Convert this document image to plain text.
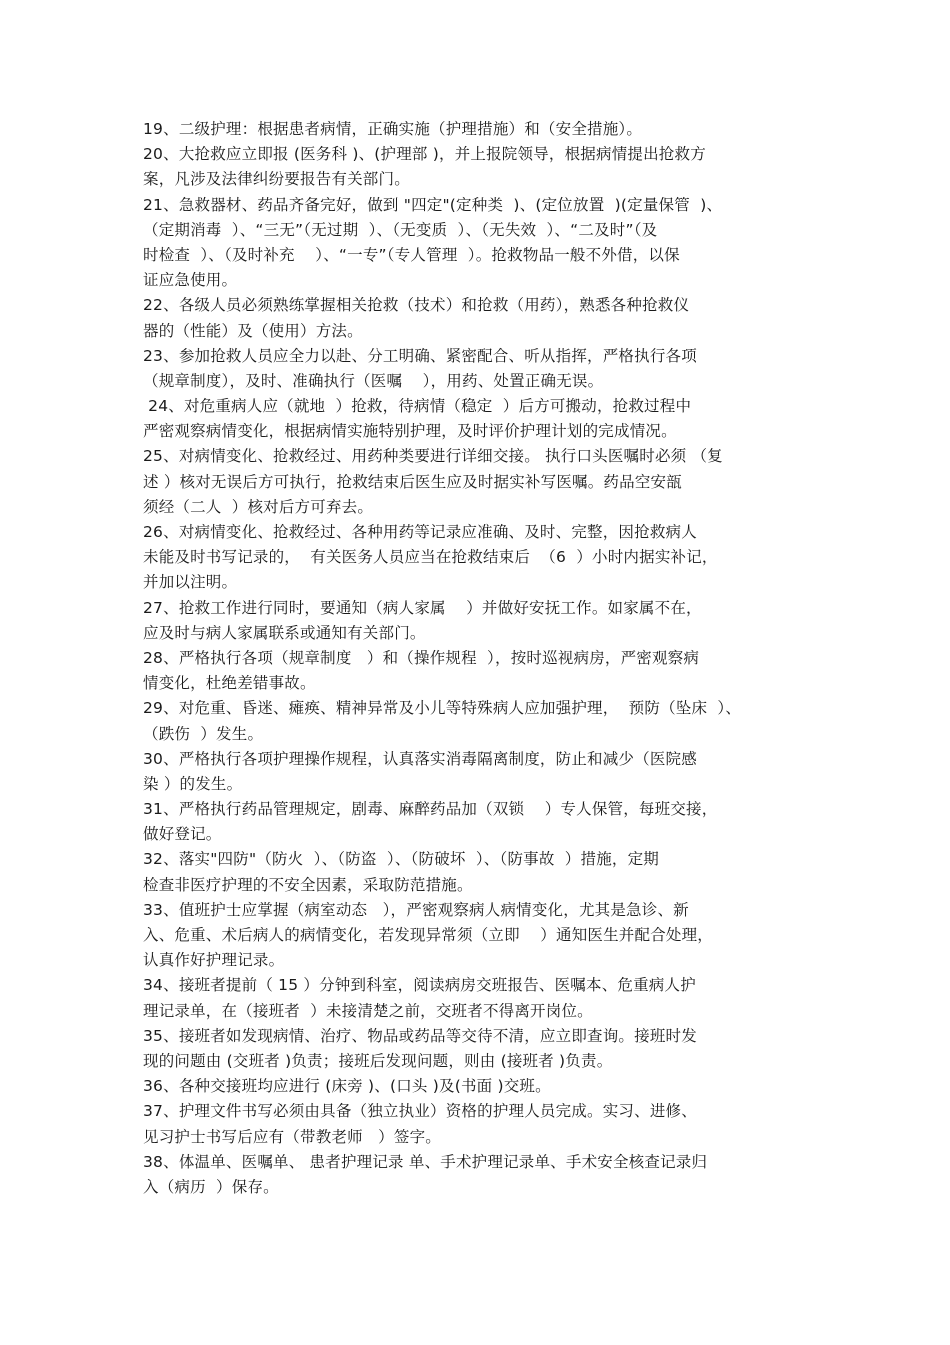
19、二级护理：根据患者病情，正确实施（护理措施）和（安全措施）。
20、大抢救应立即报 (医务科 )、(护理部 )，并上报院领导，根据病情提出抢救方
案，凡涉及法律纠纷要报告有关部门。
21、急救器材、药品齐备完好，做到 "四定"(定种类  )、(定位放置  )(定量保管  )、
（定期消毒  ）、“三无”（无过期  ）、（无变质  ）、（无失效  ）、“二及时”（及
时检查  ）、（及时补充    ）、“一专”（专人管理  ）。抢救物品一般不外借，以保
证应急使用。
22、各级人员必须熟练掌握相关抢救（技术）和抢救（用药），熟悉各种抢救仪
器的（性能）及（使用）方法。
23、参加抢救人员应全力以赴、分工明确、紧密配合、听从指挥，严格执行各项
（规章制度），及时、准确执行（医嘱    ），用药、处置正确无误。
24、对危重病人应（就地  ）抢救，待病情（稳定  ）后方可搬动，抢救过程中
严密观察病情变化，根据病情实施特别护理，及时评价护理计划的完成情况。
25、对病情变化、抢救经过、用药种类要进行详细交接。 执行口头医嘱时必须 （复
述 ）核对无误后方可执行，抢救结束后医生应及时据实补写医嘱。药品空安瓿
须经（二人  ）核对后方可弃去。
26、对病情变化、抢救经过、各种用药等记录应准确、及时、完整，因抢救病人
未能及时书写记录的，  有关医务人员应当在抢救结束后  （6  ）小时内据实补记，
并加以注明。
27、抢救工作进行同时，要通知（病人家属    ）并做好安抚工作。如家属不在，
应及时与病人家属联系或通知有关部门。
28、严格执行各项（规章制度   ）和（操作规程  ），按时巡视病房，严密观察病
情变化，杜绝差错事故。
29、对危重、昏迷、瘫痪、精神异常及小儿等特殊病人应加强护理，  预防（坠床  ）、
（跌伤  ）发生。
30、严格执行各项护理操作规程，认真落实消毒隔离制度，防止和减少（医院感
染 ）的发生。
31、严格执行药品管理规定，剧毒、麻醉药品加（双锁    ）专人保管，每班交接，
做好登记。
32、落实"四防"（防火  ）、（防盗  ）、（防破坏  ）、（防事故  ）措施，定期
检查非医疗护理的不安全因素，采取防范措施。
33、值班护士应掌握（病室动态   ），严密观察病人病情变化，尤其是急诊、新
入、危重、术后病人的病情变化，若发现异常须（立即    ）通知医生并配合处理，
认真作好护理记录。
34、接班者提前（ 15 ）分钟到科室，阅读病房交班报告、医嘱本、危重病人护
理记录单，在（接班者  ）未接清楚之前，交班者不得离开岗位。
35、接班者如发现病情、治疗、物品或药品等交待不清，应立即查询。接班时发
现的问题由 (交班者 )负责；接班后发现问题，则由 (接班者 )负责。
36、各种交接班均应进行 (床旁 )、(口头 )及(书面 )交班。
37、护理文件书写必须由具备（独立执业）资格的护理人员完成。实习、进修、
见习护士书写后应有（带教老师   ）签字。
38、体温单、医嘱单、 患者护理记录 单、手术护理记录单、手术安全核查记录归
入（病历  ）保存。
